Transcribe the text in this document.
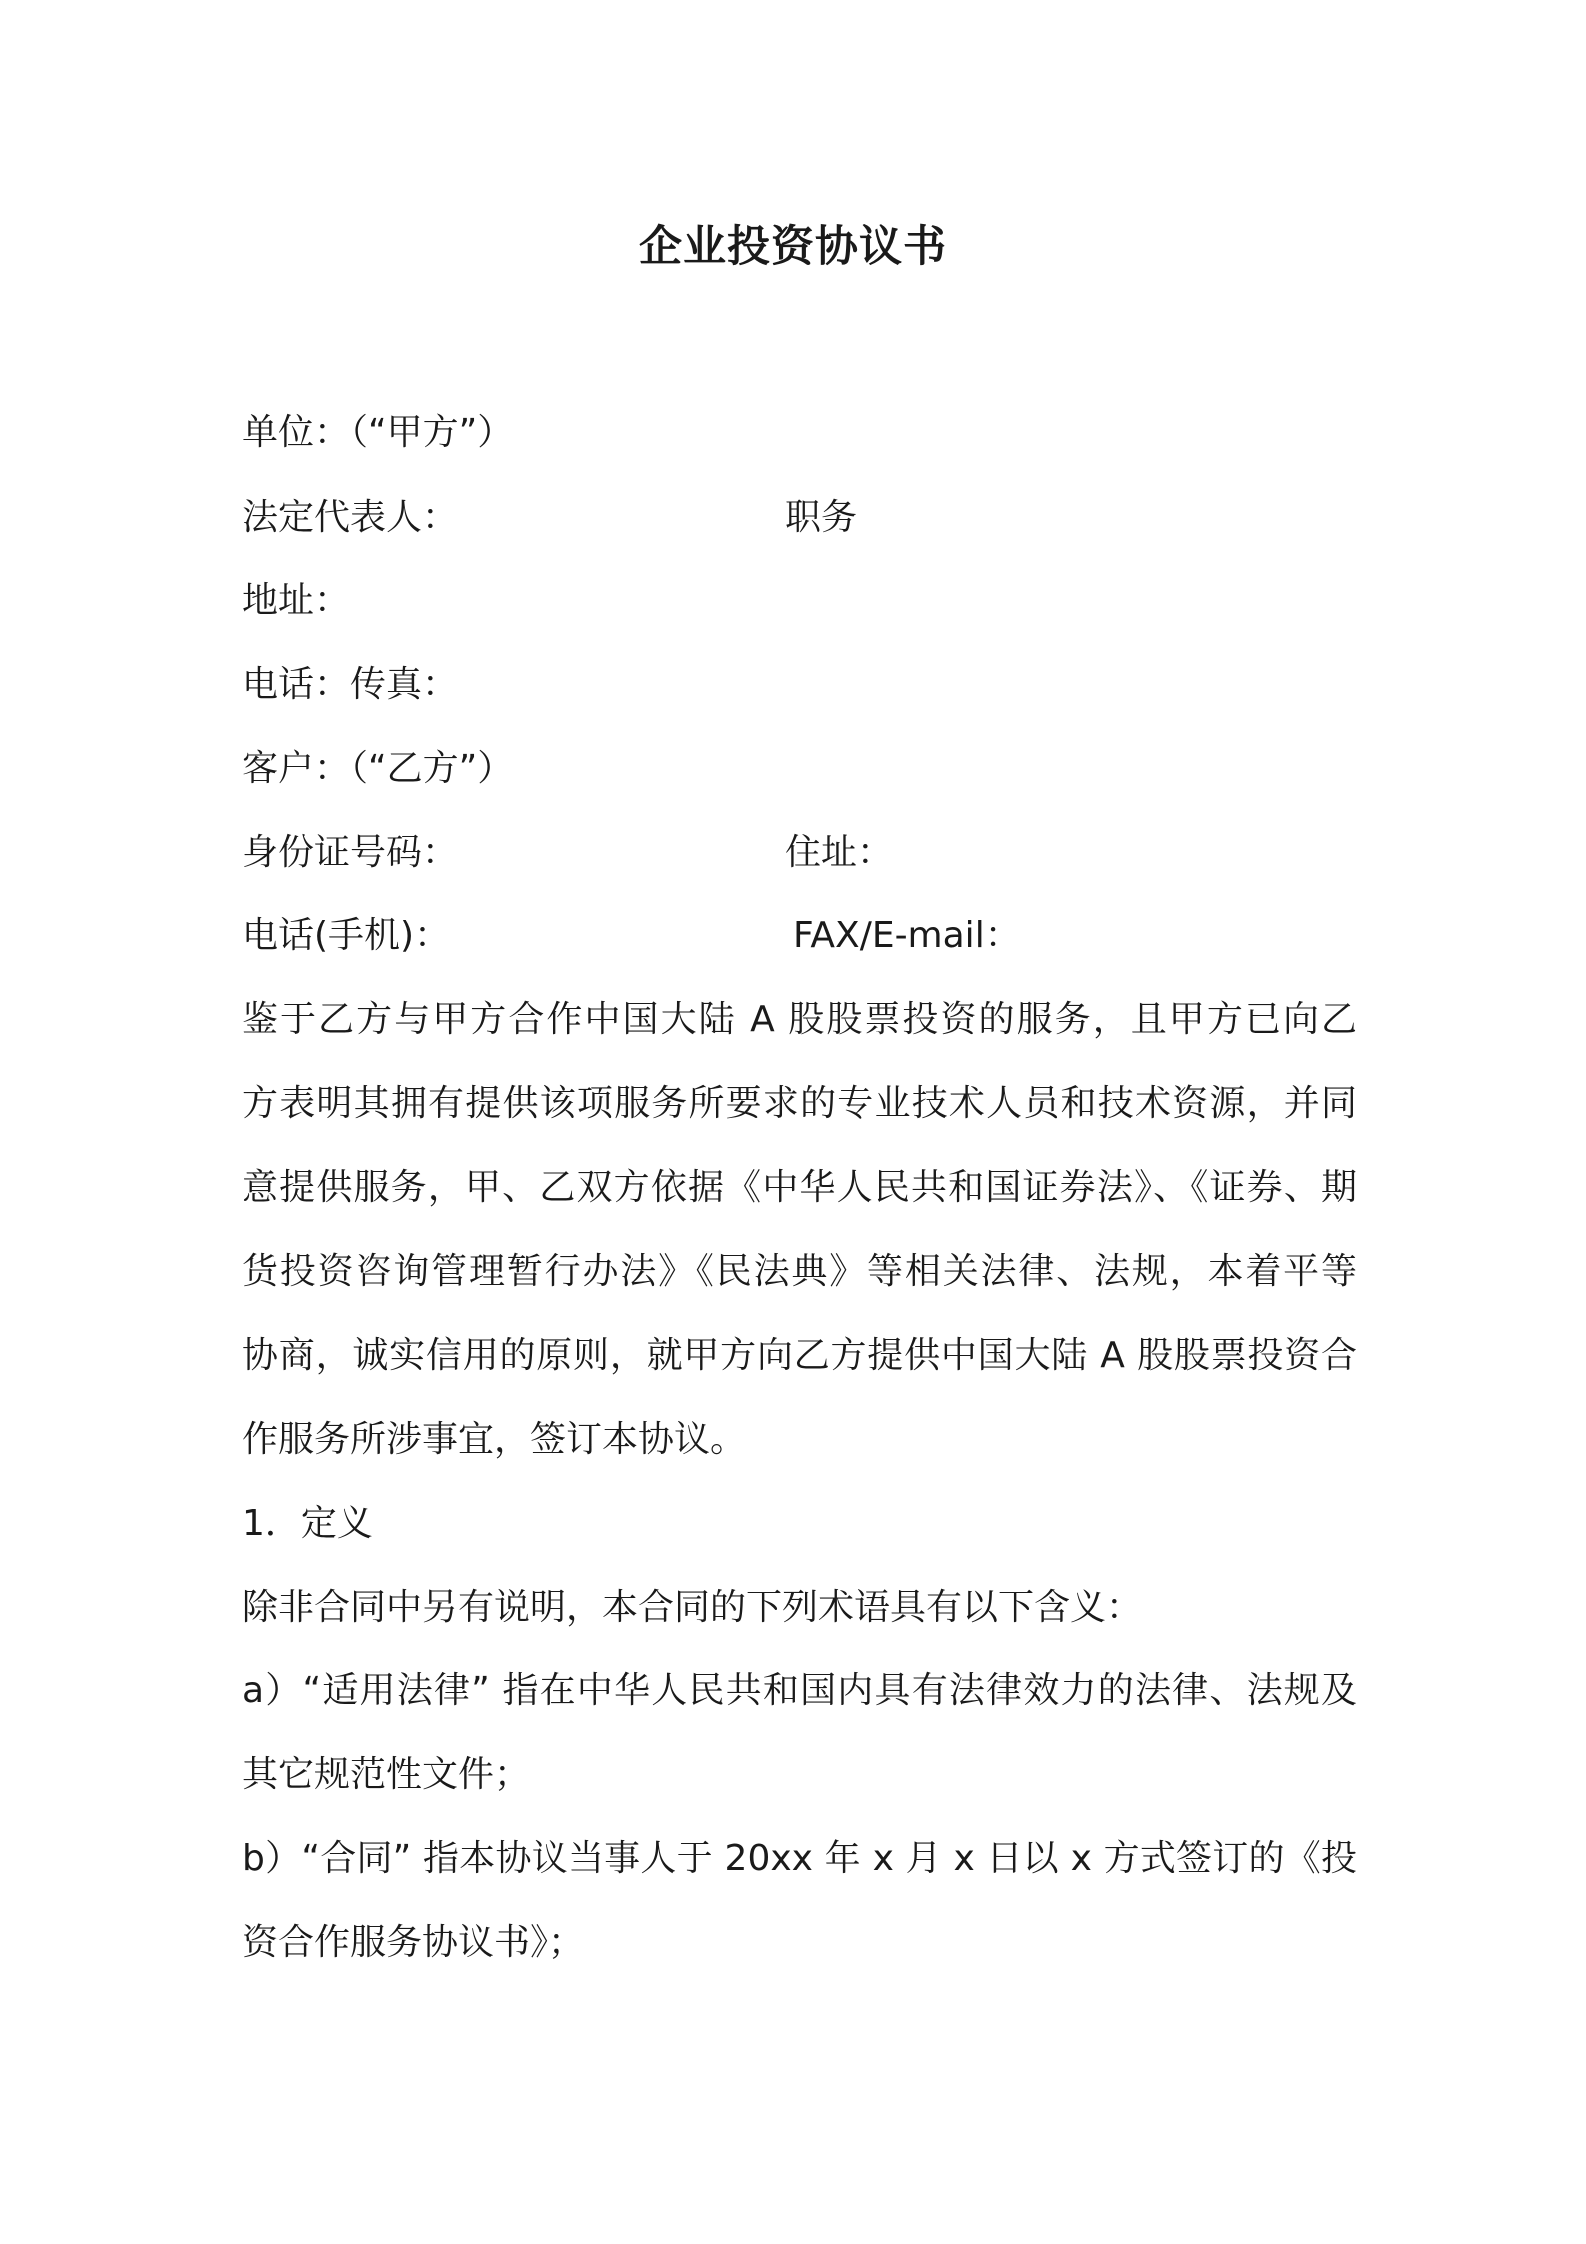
企业投资协议书
单位：（“甲方”）
法定代表人：	职务
地址：
电话：传真：
客户：（“乙方”）
身份证号码：	住址：
电话(手机)：	FAX/E-mail：
鉴于乙方与甲方合作中国大陆 A 股股票投资的服务，且甲方已向乙
方表明其拥有提供该项服务所要求的专业技术人员和技术资源，并同
意提供服务，甲、乙双方依据《中华人民共和国证券法》、《证券、期
货投资咨询管理暂行办法》《民法典》等相关法律、法规，本着平等
协商，诚实信用的原则，就甲方向乙方提供中国大陆 A 股股票投资合
作服务所涉事宜，签订本协议。
1．定义
除非合同中另有说明，本合同的下列术语具有以下含义：
a）“适用法律” 指在中华人民共和国内具有法律效力的法律、法规及
其它规范性文件；
b）“合同” 指本协议当事人于 20xx 年 x 月 x 日以 x 方式签订的《投
资合作服务协议书》；
